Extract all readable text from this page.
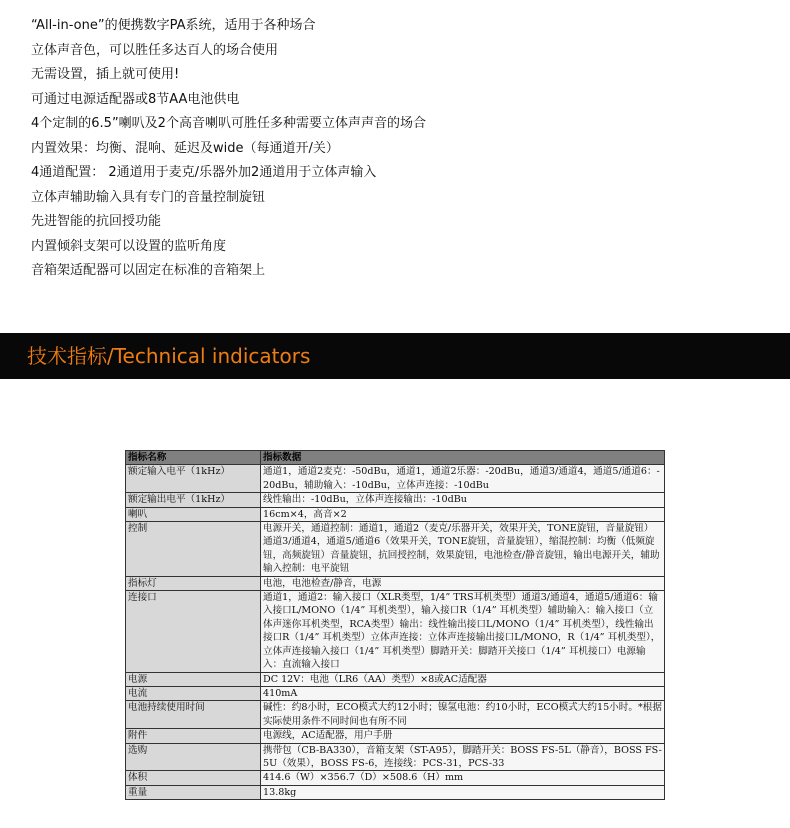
“All-in-one”的便携数字PA系统，适用于各种场合
立体声音色，可以胜任多达百人的场合使用
无需设置，插上就可使用!
可通过电源适配器或8节AA电池供电
4个定制的6.5”喇叭及2个高音喇叭可胜任多种需要立体声声音的场合
内置效果：均衡、混响、延迟及wide（每通道开/关）
4通道配置： 2通道用于麦克/乐器外加2通道用于立体声输入
立体声辅助输入具有专门的音量控制旋钮
先进智能的抗回授功能
内置倾斜支架可以设置的监听角度
音箱架适配器可以固定在标准的音箱架上
技术指标/Technical indicators
指标名称	指标数据
额定输入电平（1kHz）	通道1，通道2麦克：-50dBu，通道1，通道2乐器：-20dBu，通道3/通道4，通道5/通道6：-20dBu，辅助输入：-10dBu，立体声连接：-10dBu
额定输出电平（1kHz）	线性输出：-10dBu，立体声连接输出：-10dBu
喇叭	16cm×4，高音×2
控制	电源开关，通道控制：通道1，通道2（麦克/乐器开关，效果开关，TONE旋钮，音量旋钮）通道3/通道4，通道5/通道6（效果开关，TONE旋钮，音量旋钮），缩混控制：均衡（低频旋钮，高频旋钮）音量旋钮，抗回授控制，效果旋钮，电池检查/静音旋钮，输出电源开关，辅助输入控制：电平旋钮
指标灯	电池，电池检查/静音，电源
连接口	通道1，通道2：输入接口（XLR类型，1/4” TRS耳机类型）通道3/通道4，通道5/通道6：输入接口L/MONO（1/4” 耳机类型），输入接口R（1/4” 耳机类型）辅助输入：输入接口（立体声迷你耳机类型，RCA类型）输出：线性输出接口L/MONO（1/4” 耳机类型），线性输出接口R（1/4” 耳机类型）立体声连接：立体声连接输出接口L/MONO，R（1/4” 耳机类型），立体声连接输入接口（1/4” 耳机类型）脚踏开关：脚踏开关接口（1/4” 耳机接口）电源输入：直流输入接口
电源	DC 12V：电池（LR6（AA）类型）×8或AC适配器
电流	410mA
电池持续使用时间	碱性：约8小时，ECO模式大约12小时；镍氢电池：约10小时，ECO模式大约15小时。*根据实际使用条件不同时间也有所不同
附件	电源线，AC适配器，用户手册
选购	携带包（CB-BA330），音箱支架（ST-A95），脚踏开关：BOSS FS-5L（静音），BOSS FS-5U（效果），BOSS FS-6，连接线：PCS-31，PCS-33
体积	414.6（W）×356.7（D）×508.6（H）mm
重量	13.8kg
